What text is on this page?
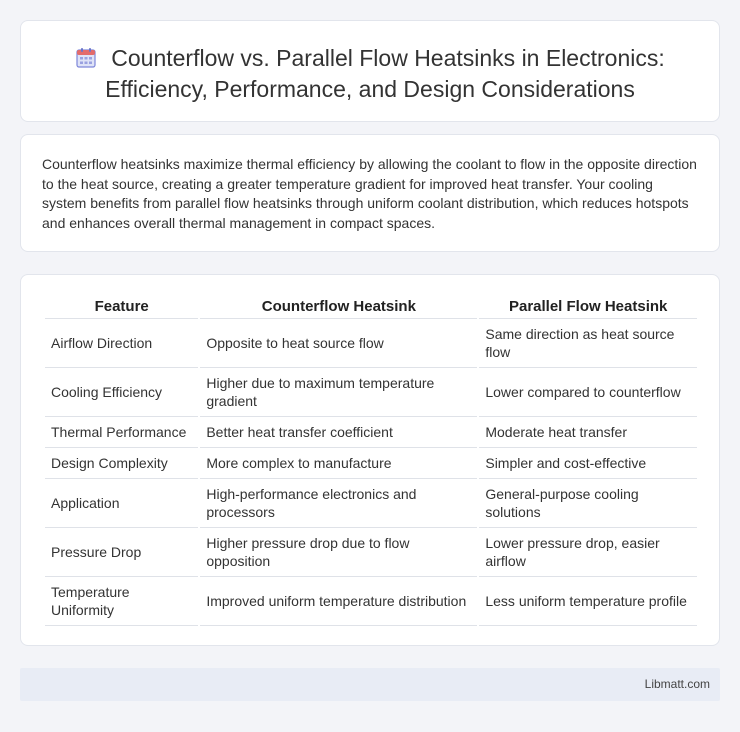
Counterflow vs. Parallel Flow Heatsinks in Electronics: Efficiency, Performance, and Design Considerations

Counterflow heatsinks maximize thermal efficiency by allowing the coolant to flow in the opposite direction to the heat source, creating a greater temperature gradient for improved heat transfer. Your cooling system benefits from parallel flow heatsinks through uniform coolant distribution, which reduces hotspots and enhances overall thermal management in compact spaces.

Feature	Counterflow Heatsink	Parallel Flow Heatsink
Airflow Direction	Opposite to heat source flow	Same direction as heat source flow
Cooling Efficiency	Higher due to maximum temperature gradient	Lower compared to counterflow
Thermal Performance	Better heat transfer coefficient	Moderate heat transfer
Design Complexity	More complex to manufacture	Simpler and cost-effective
Application	High-performance electronics and processors	General-purpose cooling solutions
Pressure Drop	Higher pressure drop due to flow opposition	Lower pressure drop, easier airflow
Temperature Uniformity	Improved uniform temperature distribution	Less uniform temperature profile
Libmatt.com
